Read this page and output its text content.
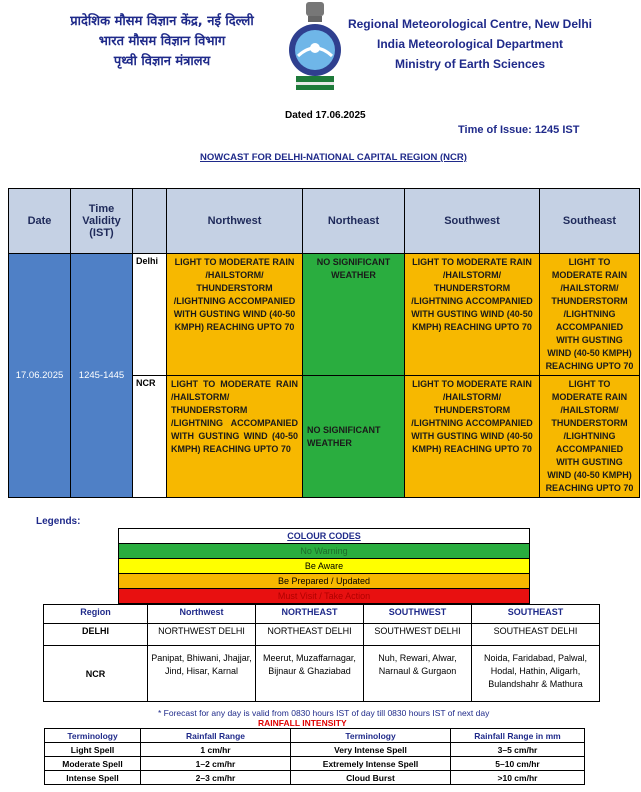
प्रादेशिक मौसम विज्ञान केंद्र, नई दिल्ली
भारत मौसम विज्ञान विभाग
पृथ्वी विज्ञान मंत्रालय
Regional Meteorological Centre, New Delhi
India Meteorological Department
Ministry of Earth Sciences
Dated 17.06.2025
Time of Issue: 1245 IST
NOWCAST FOR DELHI-NATIONAL CAPITAL REGION (NCR)
Date	Time Validity (IST)		Northwest	Northeast	Southwest	Southeast
17.06.2025	1245-1445	Delhi	LIGHT TO MODERATE RAIN /HAILSTORM/ THUNDERSTORM /LIGHTNING ACCOMPANIED WITH GUSTING WIND (40-50 KMPH) REACHING UPTO 70	NO SIGNIFICANT WEATHER	LIGHT TO MODERATE RAIN /HAILSTORM/ THUNDERSTORM /LIGHTNING ACCOMPANIED WITH GUSTING WIND (40-50 KMPH) REACHING UPTO 70	LIGHT TO MODERATE RAIN /HAILSTORM/ THUNDERSTORM /LIGHTNING ACCOMPANIED WITH GUSTING WIND (40-50 KMPH) REACHING UPTO 70
		NCR	LIGHT TO MODERATE RAIN /HAILSTORM/ THUNDERSTORM /LIGHTNING ACCOMPANIED WITH GUSTING WIND (40-50 KMPH) REACHING UPTO 70	NO SIGNIFICANT WEATHER	LIGHT TO MODERATE RAIN /HAILSTORM/ THUNDERSTORM /LIGHTNING ACCOMPANIED WITH GUSTING WIND (40-50 KMPH) REACHING UPTO 70	LIGHT TO MODERATE RAIN /HAILSTORM/ THUNDERSTORM /LIGHTNING ACCOMPANIED WITH GUSTING WIND (40-50 KMPH) REACHING UPTO 70
Legends:
COLOUR CODES
No Warning
Be Aware
Be Prepared / Updated
Must Visit / Take Action
Region	Northwest	NORTHEAST	SOUTHWEST	SOUTHEAST
DELHI	NORTHWEST DELHI	NORTHEAST DELHI	SOUTHWEST DELHI	SOUTHEAST DELHI
NCR	Panipat, Bhiwani, Jhajjar, Jind, Hisar, Karnal	Meerut, Muzaffarnagar, Bijnaur & Ghaziabad	Nuh, Rewari, Alwar, Narnaul & Gurgaon	Noida, Faridabad, Palwal, Hodal, Hathin, Aligarh, Bulandshahr & Mathura
* Forecast for any day is valid from 0830 hours IST of day till 0830 hours IST of next day
RAINFALL INTENSITY
Terminology	Rainfall Range	Terminology	Rainfall Range in mm
Light Spell	1 cm/hr	Very Intense Spell	3–5 cm/hr
Moderate Spell	1–2 cm/hr	Extremely Intense Spell	5–10 cm/hr
Intense Spell	2–3 cm/hr	Cloud Burst	>10 cm/hr
